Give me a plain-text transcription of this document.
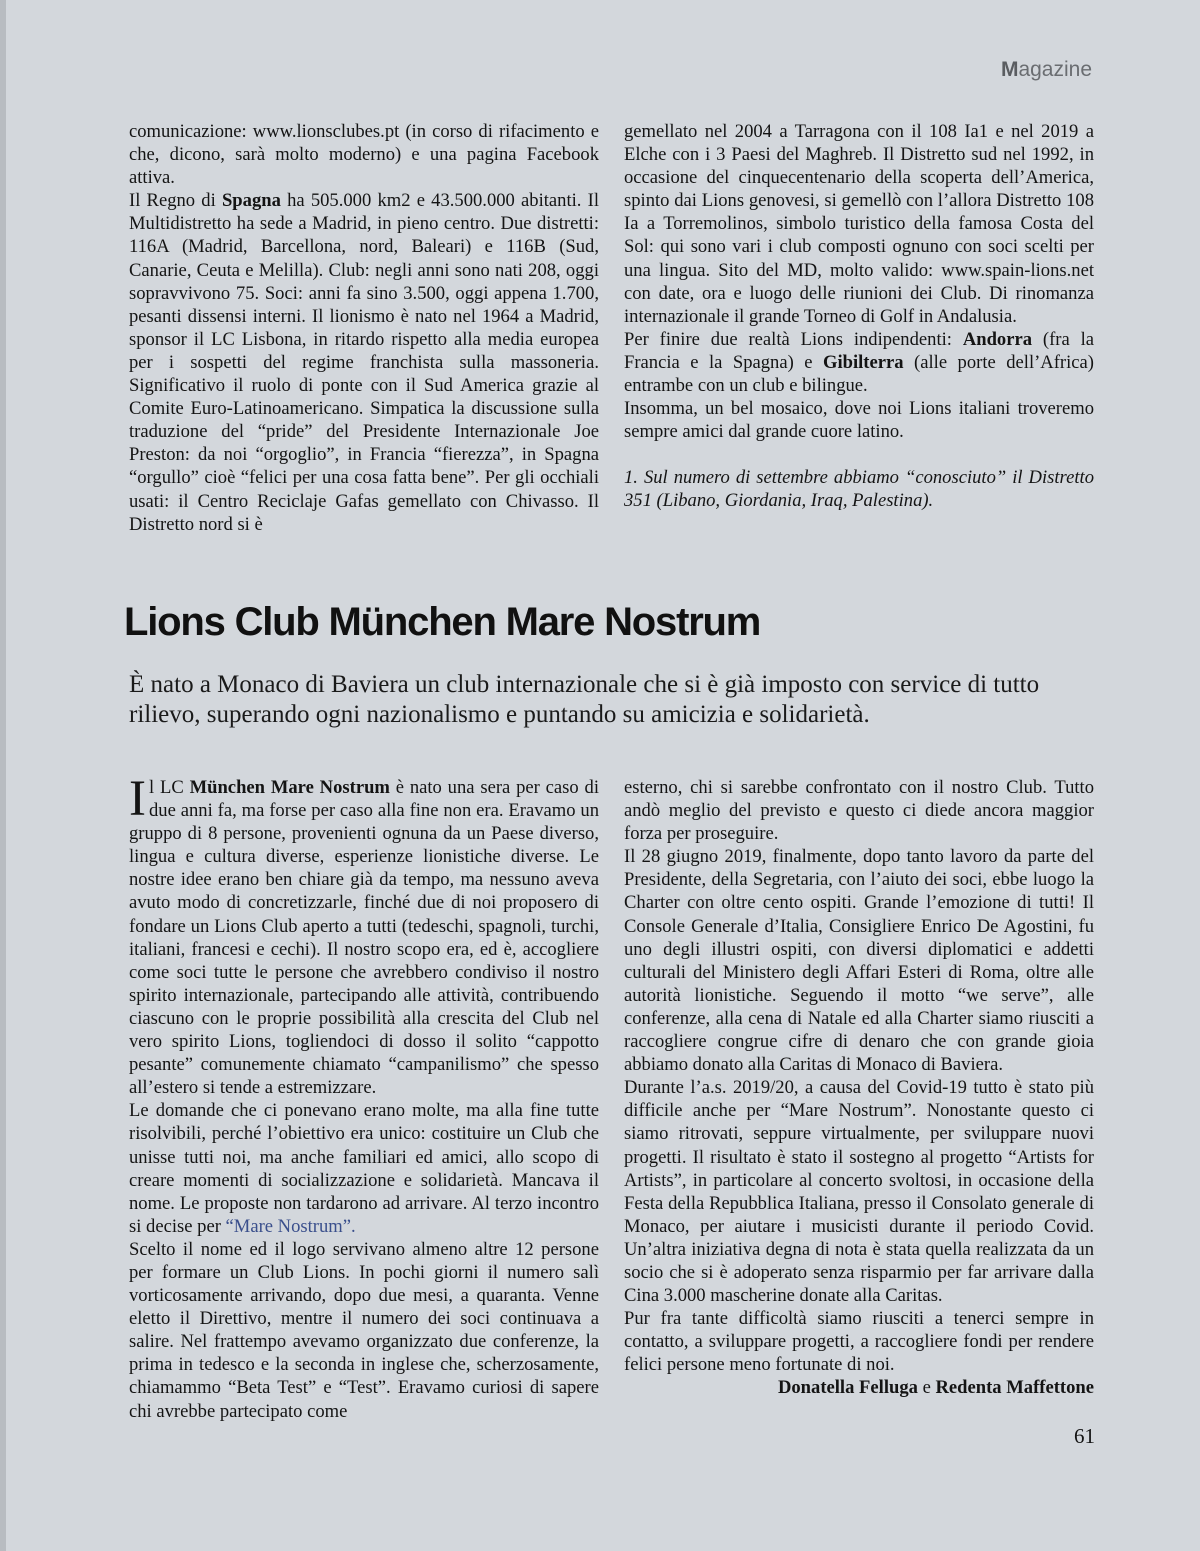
Magazine

comunicazione: www.lionsclubes.pt (in corso di rifacimento e che, dicono, sarà molto moderno) e una pagina Facebook attiva.

Il Regno di Spagna ha 505.000 km2 e 43.500.000 abitanti. Il Multidistretto ha sede a Madrid, in pieno centro. Due distretti: 116A (Madrid, Barcellona, nord, Baleari) e 116B (Sud, Canarie, Ceuta e Melilla). Club: negli anni sono nati 208, oggi sopravvivono 75. Soci: anni fa sino 3.500, oggi appena 1.700, pesanti dissensi interni. Il lionismo è nato nel 1964 a Madrid, sponsor il LC Lisbona, in ritardo rispetto alla media europea per i sospetti del regime franchista sulla massoneria. Significativo il ruolo di ponte con il Sud America grazie al Comite Euro-Latinoamericano. Simpatica la discussione sulla traduzione del “pride” del Presidente Internazionale Joe Preston: da noi “orgoglio”, in Francia “fierezza”, in Spagna “orgullo” cioè “felici per una cosa fatta bene”. Per gli occhiali usati: il Centro Reciclaje Gafas gemellato con Chivasso. Il Distretto nord si è

gemellato nel 2004 a Tarragona con il 108 Ia1 e nel 2019 a Elche con i 3 Paesi del Maghreb. Il Distretto sud nel 1992, in occasione del cinquecentenario della scoperta dell’America, spinto dai Lions genovesi, si gemellò con l’allora Distretto 108 Ia a Torremolinos, simbolo turistico della famosa Costa del Sol: qui sono vari i club composti ognuno con soci scelti per una lingua. Sito del MD, molto valido: www.spain-lions.net con date, ora e luogo delle riunioni dei Club. Di rinomanza internazionale il grande Torneo di Golf in Andalusia.

Per finire due realtà Lions indipendenti: Andorra (fra la Francia e la Spagna) e Gibilterra (alle porte dell’Africa) entrambe con un club e bilingue.

Insomma, un bel mosaico, dove noi Lions italiani troveremo sempre amici dal grande cuore latino.

1. Sul numero di settembre abbiamo “conosciuto” il Distretto 351 (Libano, Giordania, Iraq, Palestina).

Lions Club München Mare Nostrum

È nato a Monaco di Baviera un club internazionale che si è già imposto con service di tutto rilievo, superando ogni nazionalismo e puntando su amicizia e solidarietà.

Il LC München Mare Nostrum è nato una sera per caso di due anni fa, ma forse per caso alla fine non era. Eravamo un gruppo di 8 persone, provenienti ognuna da un Paese diverso, lingua e cultura diverse, esperienze lionistiche diverse. Le nostre idee erano ben chiare già da tempo, ma nessuno aveva avuto modo di concretizzarle, finché due di noi proposero di fondare un Lions Club aperto a tutti (tedeschi, spagnoli, turchi, italiani, francesi e cechi). Il nostro scopo era, ed è, accogliere come soci tutte le persone che avrebbero condiviso il nostro spirito internazionale, partecipando alle attività, contribuendo ciascuno con le proprie possibilità alla crescita del Club nel vero spirito Lions, togliendoci di dosso il solito “cappotto pesante” comunemente chiamato “campanilismo” che spesso all’estero si tende a estremizzare.

Le domande che ci ponevano erano molte, ma alla fine tutte risolvibili, perché l’obiettivo era unico: costituire un Club che unisse tutti noi, ma anche familiari ed amici, allo scopo di creare momenti di socializzazione e solidarietà. Mancava il nome. Le proposte non tardarono ad arrivare. Al terzo incontro si decise per “Mare Nostrum”.

Scelto il nome ed il logo servivano almeno altre 12 persone per formare un Club Lions. In pochi giorni il numero salì vorticosamente arrivando, dopo due mesi, a quaranta. Venne eletto il Direttivo, mentre il numero dei soci continuava a salire. Nel frattempo avevamo organizzato due conferenze, la prima in tedesco e la seconda in inglese che, scherzosamente, chiamammo “Beta Test” e “Test”. Eravamo curiosi di sapere chi avrebbe partecipato come

esterno, chi si sarebbe confrontato con il nostro Club. Tutto andò meglio del previsto e questo ci diede ancora maggior forza per proseguire.

Il 28 giugno 2019, finalmente, dopo tanto lavoro da parte del Presidente, della Segretaria, con l’aiuto dei soci, ebbe luogo la Charter con oltre cento ospiti. Grande l’emozione di tutti! Il Console Generale d’Italia, Consigliere Enrico De Agostini, fu uno degli illustri ospiti, con diversi diplomatici e addetti culturali del Ministero degli Affari Esteri di Roma, oltre alle autorità lionistiche. Seguendo il motto “we serve”, alle conferenze, alla cena di Natale ed alla Charter siamo riusciti a raccogliere congrue cifre di denaro che con grande gioia abbiamo donato alla Caritas di Monaco di Baviera.

Durante l’a.s. 2019/20, a causa del Covid-19 tutto è stato più difficile anche per “Mare Nostrum”. Nonostante questo ci siamo ritrovati, seppure virtualmente, per sviluppare nuovi progetti. Il risultato è stato il sostegno al progetto “Artists for Artists”, in particolare al concerto svoltosi, in occasione della Festa della Repubblica Italiana, presso il Consolato generale di Monaco, per aiutare i musicisti durante il periodo Covid. Un’altra iniziativa degna di nota è stata quella realizzata da un socio che si è adoperato senza risparmio per far arrivare dalla Cina 3.000 mascherine donate alla Caritas.

Pur fra tante difficoltà siamo riusciti a tenerci sempre in contatto, a sviluppare progetti, a raccogliere fondi per rendere felici persone meno fortunate di noi.

Donatella Felluga e Redenta Maffettone

61
